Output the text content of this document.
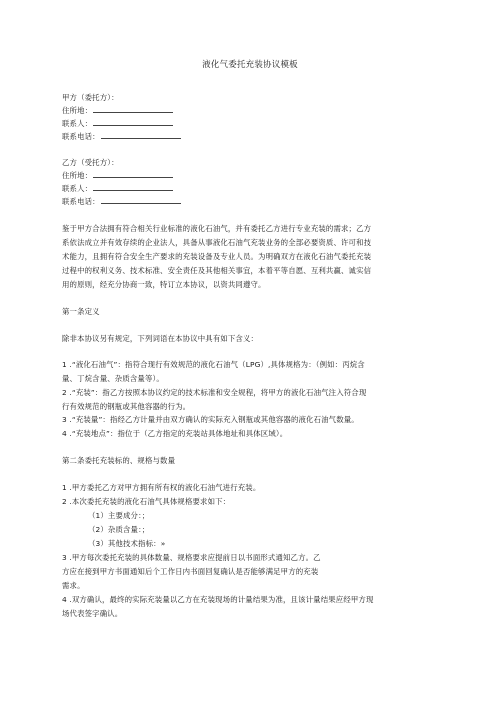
液化气委托充装协议模板
甲方（委托方）：
住所地：
联系人：
联系电话：
乙方（受托方）：
住所地：
联系人：
联系电话：
鉴于甲方合法拥有符合相关行业标准的液化石油气，并有委托乙方进行专业充装的需求；乙方
系依法成立并有效存续的企业法人，具备从事液化石油气充装业务的全部必要资质、许可和技
术能力，且拥有符合安全生产要求的充装设备及专业人员。为明确双方在液化石油气委托充装
过程中的权利义务、技术标准、安全责任及其他相关事宜，本着平等自愿、互利共赢、诚实信
用的原则，经充分协商一致，特订立本协议，以资共同遵守。
第一条定义
除非本协议另有规定，下列词语在本协议中具有如下含义：
1 .“液化石油气”：指符合现行有效规范的液化石油气（LPG）,具体规格为：（例如：丙烷含
量、丁烷含量、杂质含量等）。
2 .“充装”：指乙方按照本协议约定的技术标准和安全规程，将甲方的液化石油气注入符合现
行有效规范的钢瓶或其他容器的行为。
3 .“充装量”：指经乙方计量并由双方确认的实际充入钢瓶或其他容器的液化石油气数量。
4 .“充装地点”：指位于（乙方指定的充装站具体地址和具体区域）。
第二条委托充装标的、规格与数量
1 .甲方委托乙方对甲方拥有所有权的液化石油气进行充装。
2 .本次委托充装的液化石油气具体规格要求如下：
（1）主要成分：；
（2）杂质含量：；
（3）其他技术指标：»
3 .甲方每次委托充装的具体数量、规格要求应提前日以书面形式通知乙方。乙
方应在接到甲方书面通知后个工作日内书面回复确认是否能够满足甲方的充装
需求。
4 .双方确认，最终的实际充装量以乙方在充装现场的计量结果为准，且该计量结果应经甲方现
场代表签字确认。
